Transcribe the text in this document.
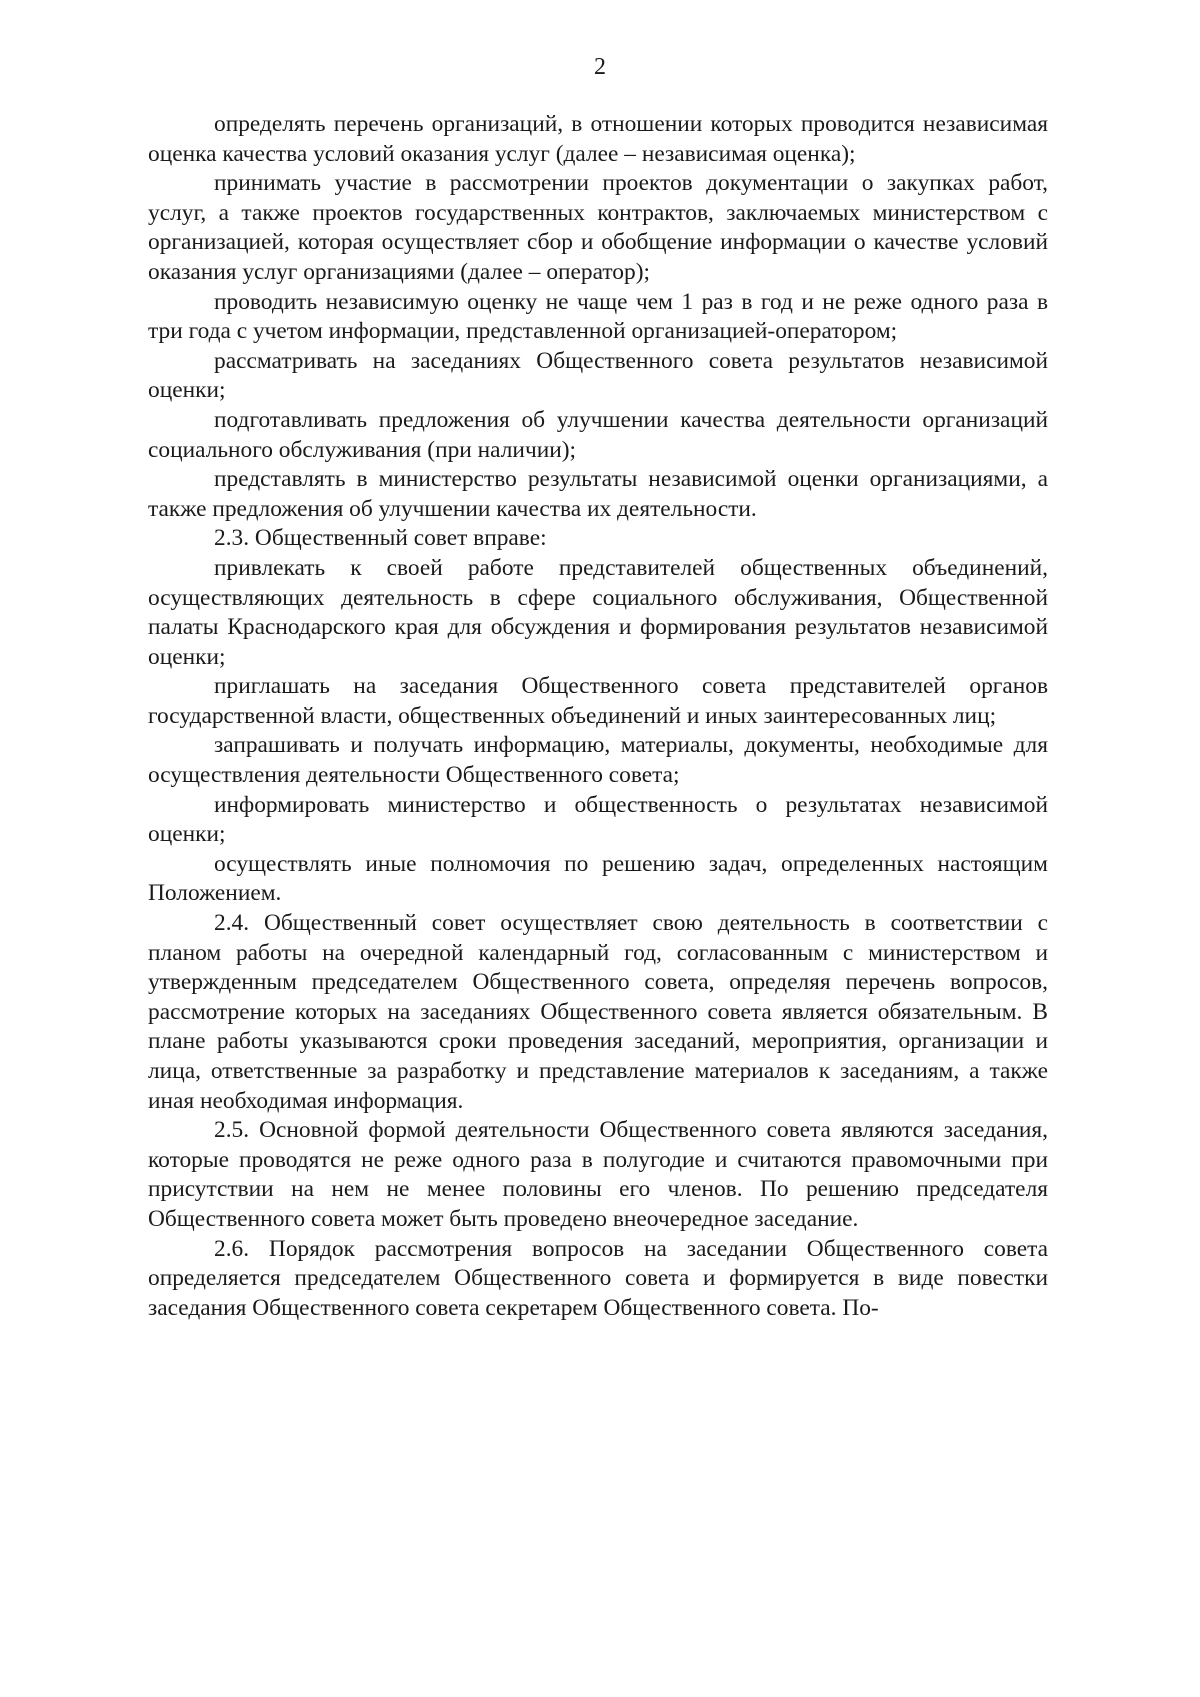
2

определять перечень организаций, в отношении которых проводится независимая оценка качества условий оказания услуг (далее – независимая оценка);

принимать участие в рассмотрении проектов документации о закупках работ, услуг, а также проектов государственных контрактов, заключаемых министерством с организацией, которая осуществляет сбор и обобщение информации о качестве условий оказания услуг организациями (далее – оператор);

проводить независимую оценку не чаще чем 1 раз в год и не реже одного раза в три года с учетом информации, представленной организацией-оператором;

рассматривать на заседаниях Общественного совета результатов независимой оценки;

подготавливать предложения об улучшении качества деятельности организаций социального обслуживания (при наличии);

представлять в министерство результаты независимой оценки организациями, а также предложения об улучшении качества их деятельности.

2.3. Общественный совет вправе:

привлекать к своей работе представителей общественных объединений, осуществляющих деятельность в сфере социального обслуживания, Общественной палаты Краснодарского края для обсуждения и формирования результатов независимой оценки;

приглашать на заседания Общественного совета представителей органов государственной власти, общественных объединений и иных заинтересованных лиц;

запрашивать и получать информацию, материалы, документы, необходимые для осуществления деятельности Общественного совета;

информировать министерство и общественность о результатах независимой оценки;

осуществлять иные полномочия по решению задач, определенных настоящим Положением.

2.4. Общественный совет осуществляет свою деятельность в соответствии с планом работы на очередной календарный год, согласованным с министерством и утвержденным председателем Общественного совета, определяя перечень вопросов, рассмотрение которых на заседаниях Общественного совета является обязательным. В плане работы указываются сроки проведения заседаний, мероприятия, организации и лица, ответственные за разработку и представление материалов к заседаниям, а также иная необходимая информация.

2.5. Основной формой деятельности Общественного совета являются заседания, которые проводятся не реже одного раза в полугодие и считаются правомочными при присутствии на нем не менее половины его членов. По решению председателя Общественного совета может быть проведено внеочередное заседание.

2.6. Порядок рассмотрения вопросов на заседании Общественного совета определяется председателем Общественного совета и формируется в виде повестки заседания Общественного совета секретарем Общественного совета. По-
